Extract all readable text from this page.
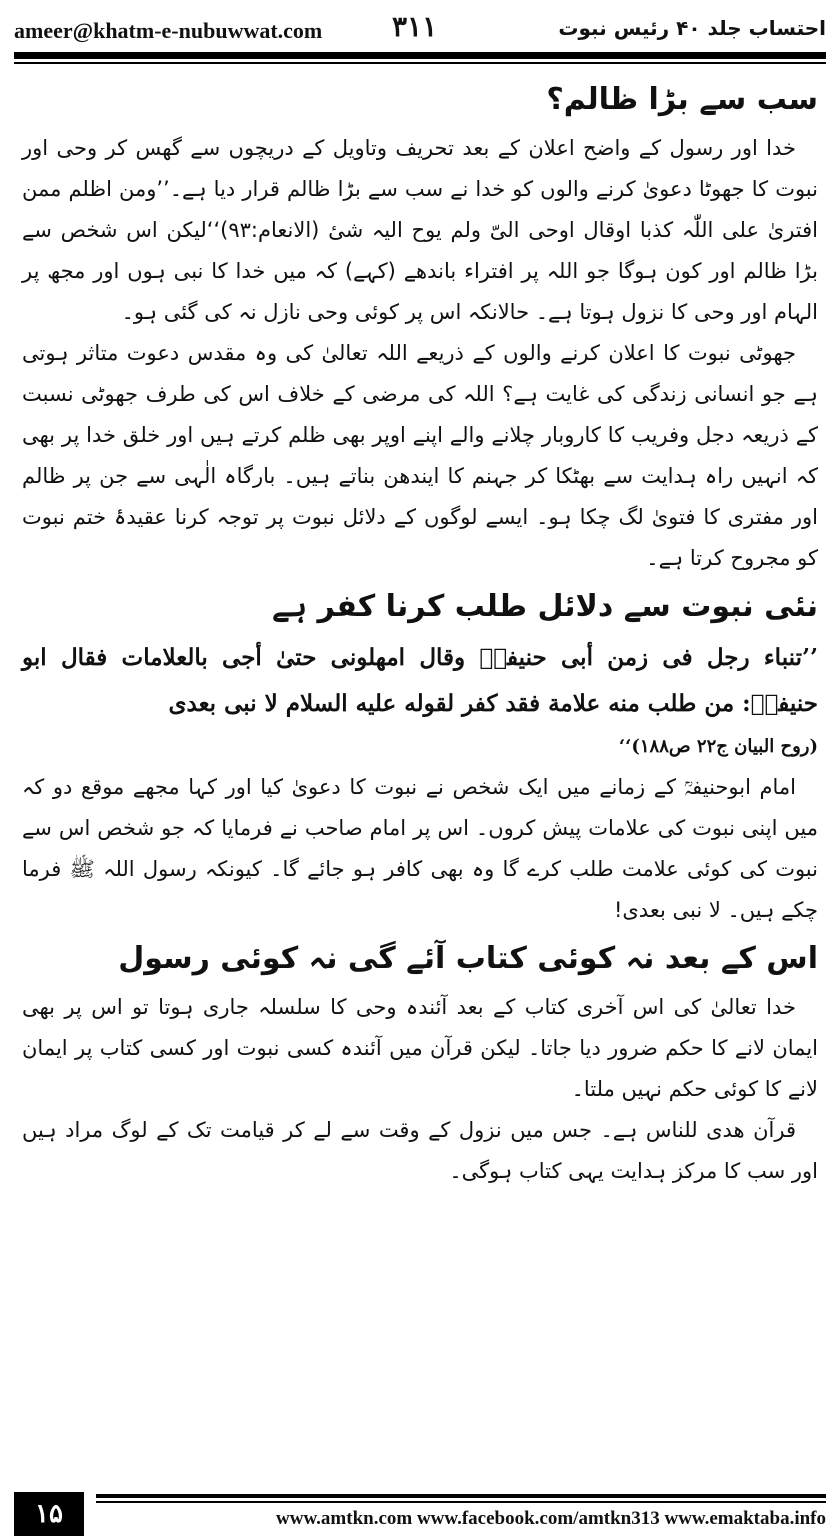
ameer@khatm-e-nubuwwat.com ۳۱۱	احتساب جلد ۴۰ رئیس نبوت

سب سے بڑا ظالم؟

خدا اور رسول کے واضح اعلان کے بعد تحریف وتاویل کے دریچوں سے گھس کر وحی اور نبوت کا جھوٹا دعویٰ کرنے والوں کو خدا نے سب سے بڑا ظالم قرار دیا ہے۔’’ومن اظلم ممن افتریٰ علی اللّٰہ کذبا اوقال اوحی الیّ ولم یوح الیہ شیٔ (الانعام:۹۳)‘‘لیکن اس شخص سے بڑا ظالم اور کون ہوگا جو اللہ پر افتراء باندھے (کہے) کہ میں خدا کا نبی ہوں اور مجھ پر الہام اور وحی کا نزول ہوتا ہے۔ حالانکہ اس پر کوئی وحی نازل نہ کی گئی ہو۔

جھوٹی نبوت کا اعلان کرنے والوں کے ذریعے اللہ تعالیٰ کی وہ مقدس دعوت متاثر ہوتی ہے جو انسانی زندگی کی غایت ہے؟ اللہ کی مرضی کے خلاف اس کی طرف جھوٹی نسبت کے ذریعہ دجل وفریب کا کاروبار چلانے والے اپنے اوپر بھی ظلم کرتے ہیں اور خلق خدا پر بھی کہ انہیں راہ ہدایت سے بھٹکا کر جہنم کا ایندھن بناتے ہیں۔ بارگاہ الٰہی سے جن پر ظالم اور مفتری کا فتویٰ لگ چکا ہو۔ ایسے لوگوں کے دلائل نبوت پر توجہ کرنا عقیدۂ ختم نبوت کو مجروح کرتا ہے۔

نئی نبوت سے دلائل طلب کرنا کفر ہے

’’تنباء رجل فی زمن أبی حنیفۃؒ وقال امھلونی حتیٰ أجی بالعلامات فقال ابو حنیفۃؒ: من طلب منه علامة فقد كفر لقوله عليه السلام لا نبی بعدی

(روح البیان ج۲۲ ص۱۸۸)‘‘

امام ابوحنیفہؒ کے زمانے میں ایک شخص نے نبوت کا دعویٰ کیا اور کہا مجھے موقع دو کہ میں اپنی نبوت کی علامات پیش کروں۔ اس پر امام صاحب نے فرمایا کہ جو شخص اس سے نبوت کی کوئی علامت طلب کرے گا وہ بھی کافر ہو جائے گا۔ کیونکہ رسول اللہ ﷺ فرما چکے ہیں۔ لا نبی بعدی!

اس کے بعد نہ کوئی کتاب آئے گی نہ کوئی رسول

خدا تعالیٰ کی اس آخری کتاب کے بعد آئندہ وحی کا سلسلہ جاری ہوتا تو اس پر بھی ایمان لانے کا حکم ضرور دیا جاتا۔ لیکن قرآن میں آئندہ کسی نبوت اور کسی کتاب پر ایمان لانے کا کوئی حکم نہیں ملتا۔

قرآن ھدی للناس ہے۔ جس میں نزول کے وقت سے لے کر قیامت تک کے لوگ مراد ہیں اور سب کا مرکز ہدایت یہی کتاب ہوگی۔

۱۵	www.amtkn.com www.facebook.com/amtkn313 www.emaktaba.info
